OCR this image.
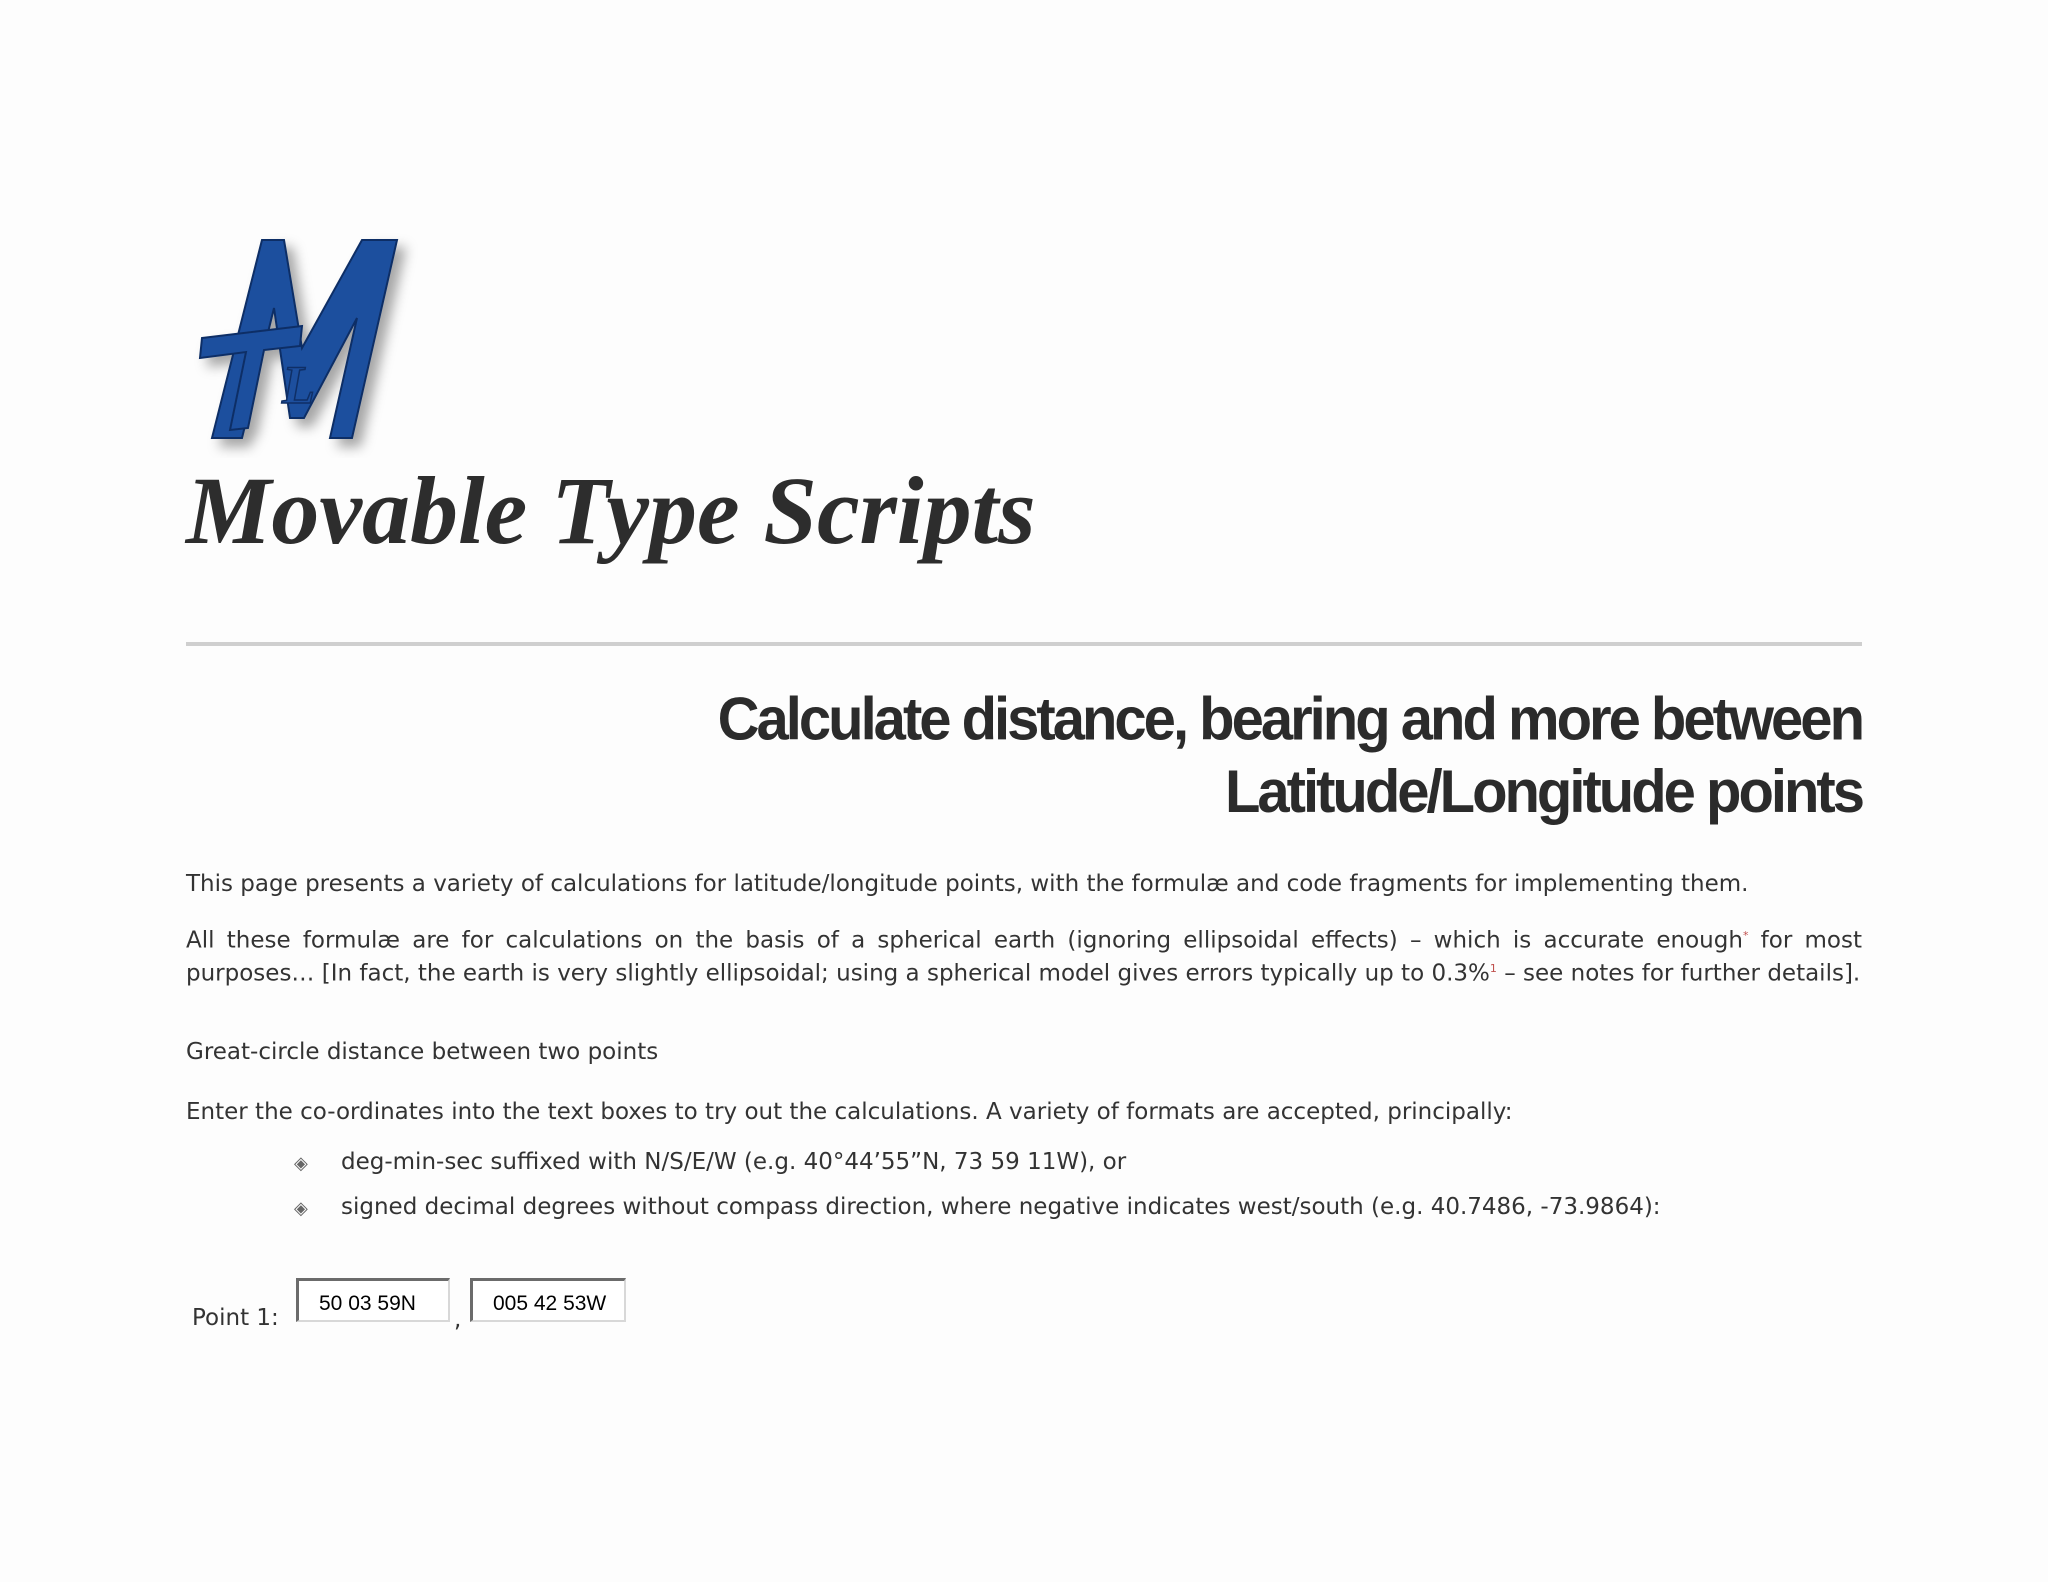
L
Movable Type Scripts
Calculate distance, bearing and more between Latitude/Longitude points

This page presents a variety of calculations for latitude/longitude points, with the formulæ and code fragments for implementing them.

All these formulæ are for calculations on the basis of a spherical earth (ignoring ellipsoidal effects) – which is accurate enough* for most purposes… [In fact, the earth is very slightly ellipsoidal; using a spherical model gives errors typically up to 0.3%$^1$ – see notes for further details].

Great-circle distance between two points

Enter the co-ordinates into the text boxes to try out the calculations. A variety of formats are accepted, principally:

◈ deg-min-sec suffixed with N/S/E/W (e.g. 40°44’55”N, 73 59 11W), or
◈ signed decimal degrees without compass direction, where negative indicates west/south (e.g. 40.7486, -73.9864):
Point 1:
50 03 59N	,
005 42 53W
